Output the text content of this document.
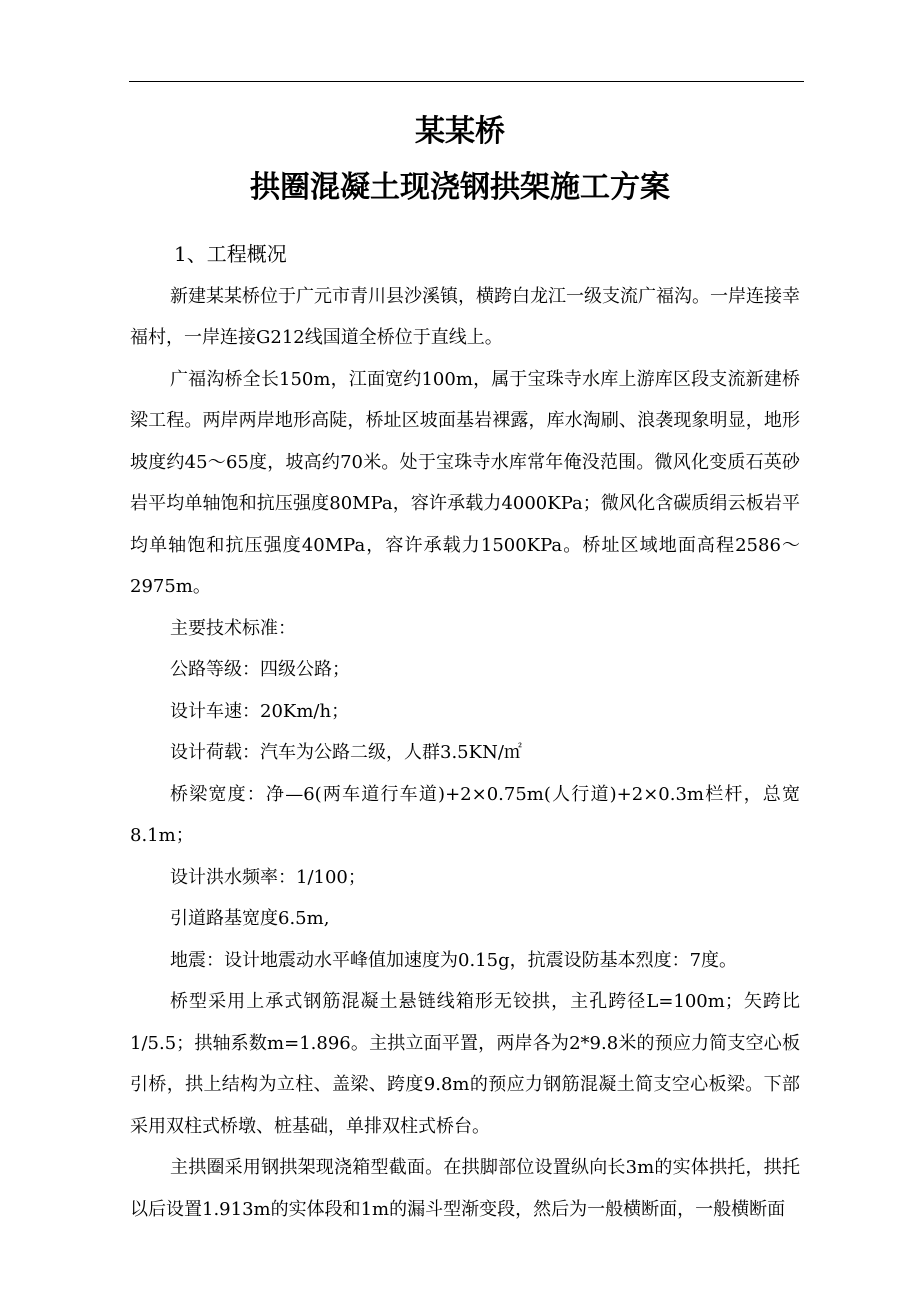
某某桥
拱圈混凝土现浇钢拱架施工方案
1、工程概况

新建某某桥位于广元市青川县沙溪镇，横跨白龙江一级支流广福沟。一岸连接幸福村，一岸连接G212线国道全桥位于直线上。

广福沟桥全长150m，江面宽约100m，属于宝珠寺水库上游库区段支流新建桥梁工程。两岸两岸地形高陡，桥址区坡面基岩裸露，库水淘刷、浪袭现象明显，地形坡度约45～65度，坡高约70米。处于宝珠寺水库常年俺没范围。微风化变质石英砂岩平均单轴饱和抗压强度80MPa，容许承载力4000KPa；微风化含碳质绢云板岩平均单轴饱和抗压强度40MPa，容许承载力1500KPa。桥址区域地面高程2586～2975m。

主要技术标准：

公路等级：四级公路；

设计车速：20Km/h；

设计荷载：汽车为公路二级，人群3.5KN/㎡

桥梁宽度：净—6(两车道行车道)+2×0.75m(人行道)+2×0.3m栏杆，总宽8.1m；

设计洪水频率：1/100；

引道路基宽度6.5m,

地震：设计地震动水平峰值加速度为0.15g，抗震设防基本烈度：7度。

桥型采用上承式钢筋混凝土悬链线箱形无铰拱，主孔跨径L=100m；矢跨比1/5.5；拱轴系数m=1.896。主拱立面平置，两岸各为2*9.8米的预应力简支空心板引桥，拱上结构为立柱、盖梁、跨度9.8m的预应力钢筋混凝土简支空心板梁。下部采用双柱式桥墩、桩基础，单排双柱式桥台。

主拱圈采用钢拱架现浇箱型截面。在拱脚部位设置纵向长3m的实体拱托，拱托以后设置1.913m的实体段和1m的漏斗型渐变段，然后为一般横断面，一般横断面
